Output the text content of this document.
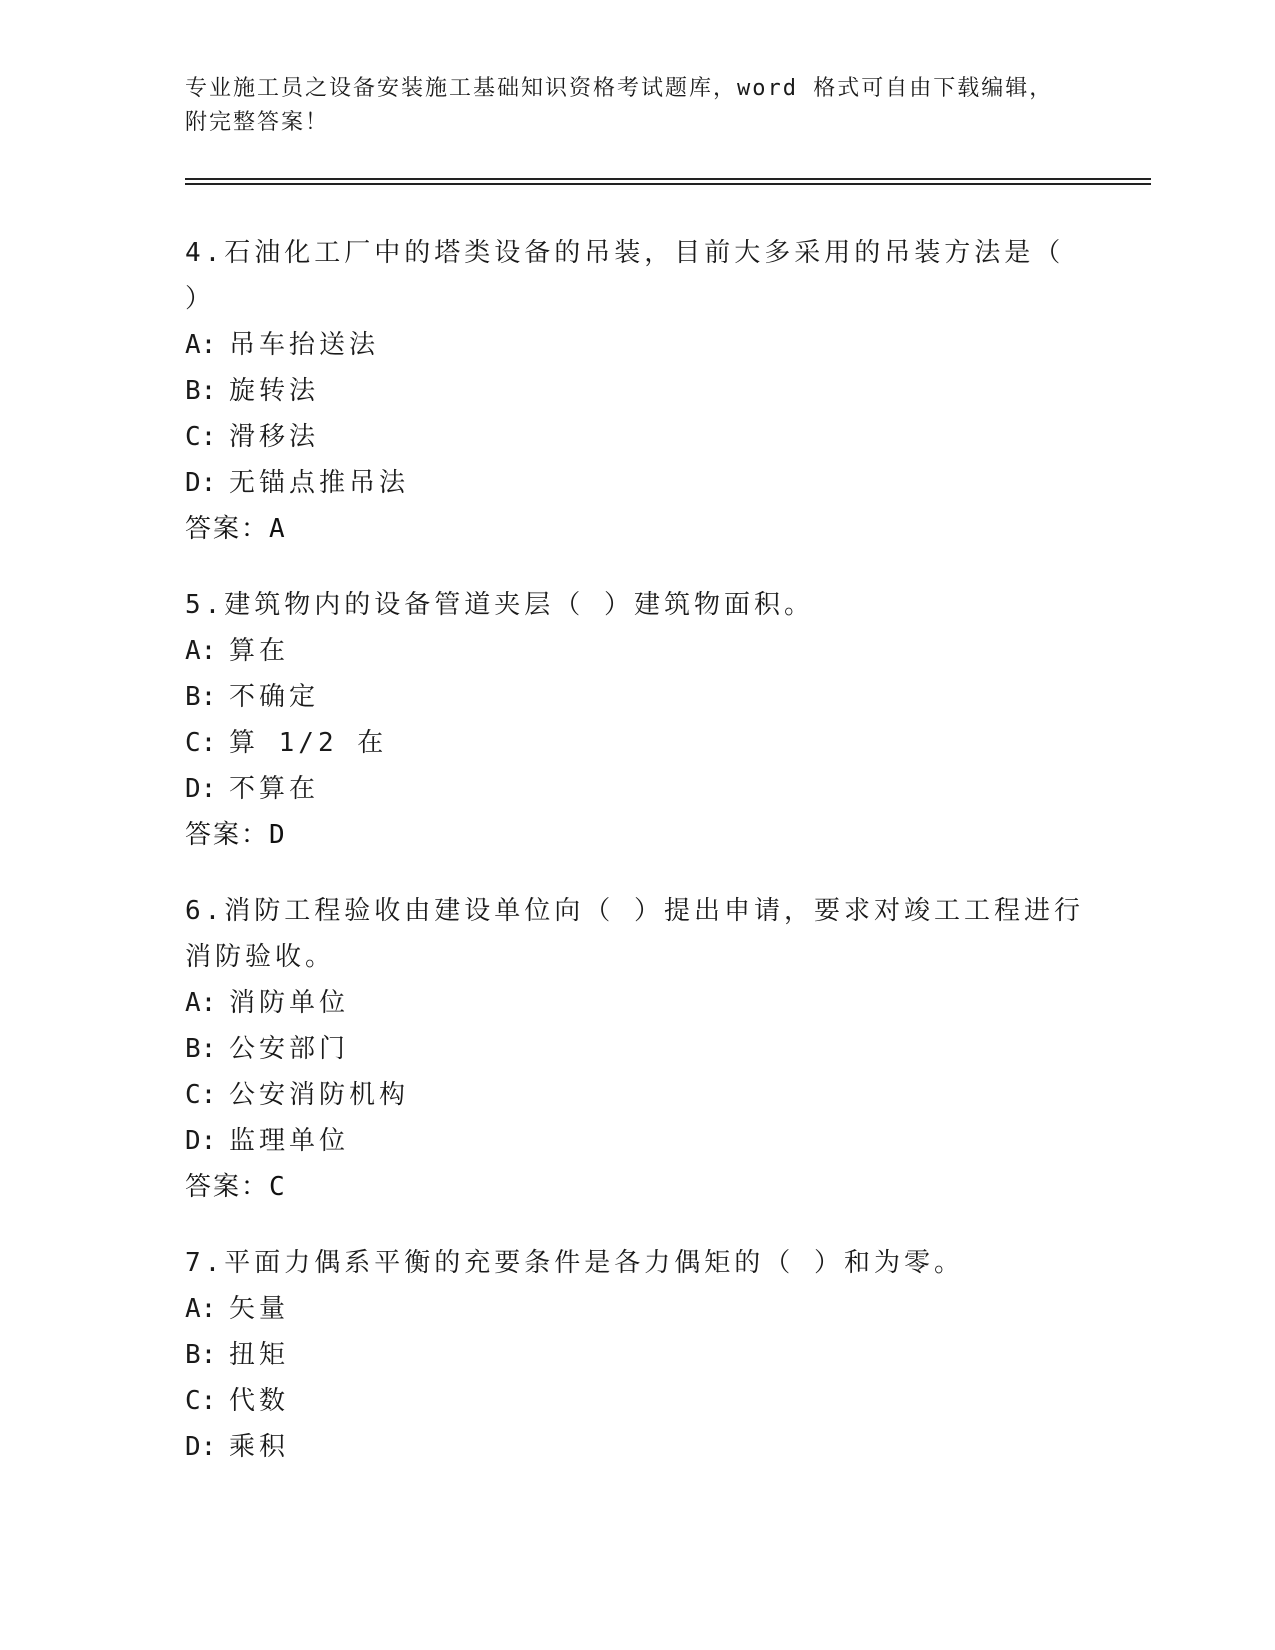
专业施工员之设备安装施工基础知识资格考试题库，word 格式可自由下载编辑，
附完整答案！

4.石油化工厂中的塔类设备的吊装，目前大多采用的吊装方法是（ ）

A: 吊车抬送法
B: 旋转法
C: 滑移法
D: 无锚点推吊法
答案：A

5.建筑物内的设备管道夹层（ ）建筑物面积。

A: 算在
B: 不确定
C: 算 1/2 在
D: 不算在
答案：D

6.消防工程验收由建设单位向（ ）提出申请，要求对竣工工程进行消防验收。

A: 消防单位
B: 公安部门
C: 公安消防机构
D: 监理单位
答案：C

7.平面力偶系平衡的充要条件是各力偶矩的（ ）和为零。

A: 矢量
B: 扭矩
C: 代数
D: 乘积
